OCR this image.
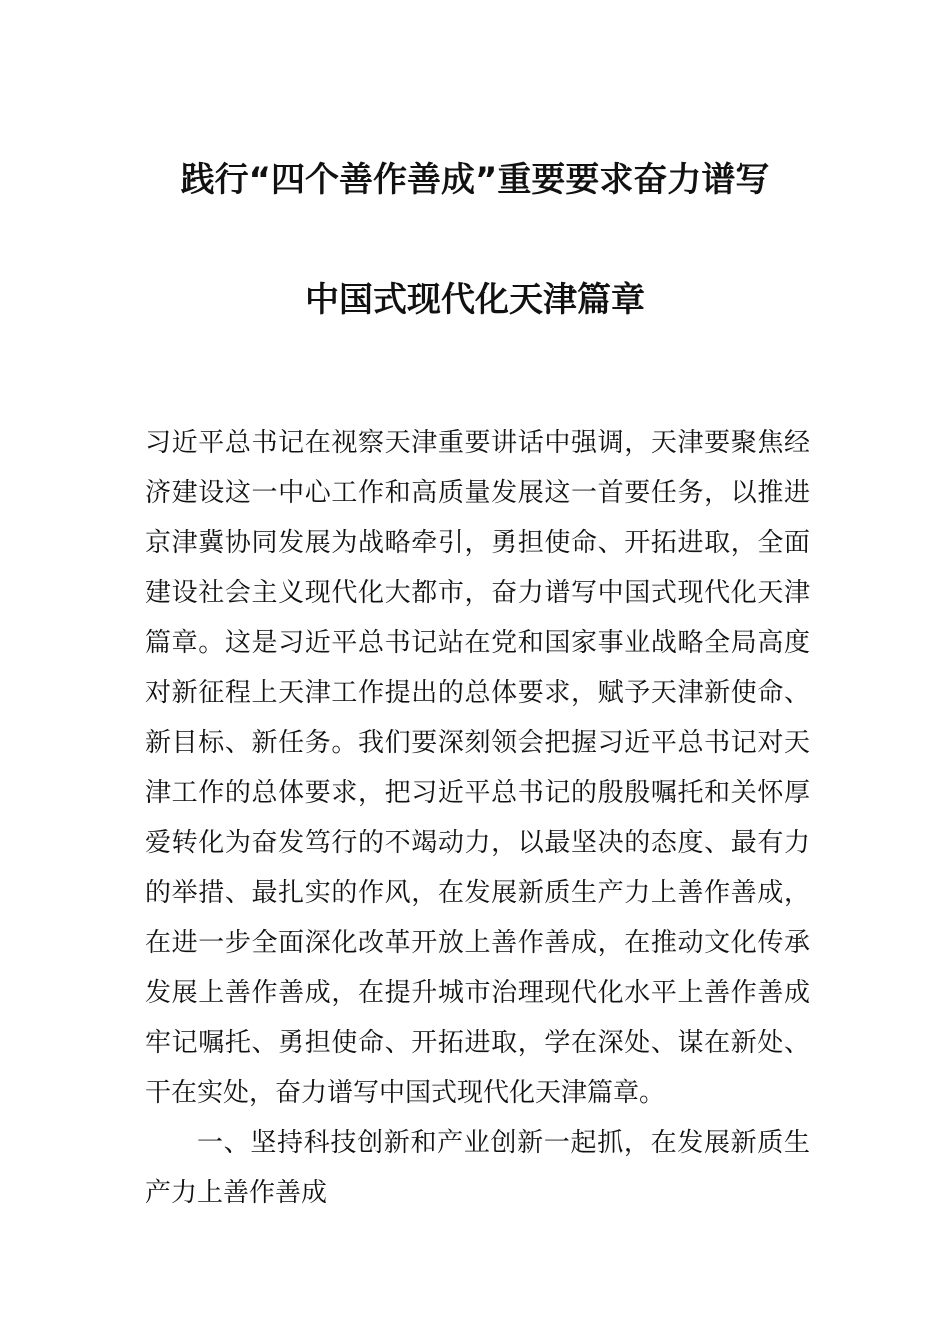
践行“四个善作善成”重要要求奋力谱写
中国式现代化天津篇章

习近平总书记在视察天津重要讲话中强调，天津要聚焦经济建设这一中心工作和高质量发展这一首要任务，以推进京津冀协同发展为战略牵引，勇担使命、开拓进取，全面建设社会主义现代化大都市，奋力谱写中国式现代化天津篇章。这是习近平总书记站在党和国家事业战略全局高度对新征程上天津工作提出的总体要求，赋予天津新使命、新目标、新任务。我们要深刻领会把握习近平总书记对天津工作的总体要求，把习近平总书记的殷殷嘱托和关怀厚爱转化为奋发笃行的不竭动力，以最坚决的态度、最有力的举措、最扎实的作风，在发展新质生产力上善作善成，在进一步全面深化改革开放上善作善成，在推动文化传承发展上善作善成，在提升城市治理现代化水平上善作善成牢记嘱托、勇担使命、开拓进取，学在深处、谋在新处、干在实处，奋力谱写中国式现代化天津篇章。

一、坚持科技创新和产业创新一起抓，在发展新质生产力上善作善成
